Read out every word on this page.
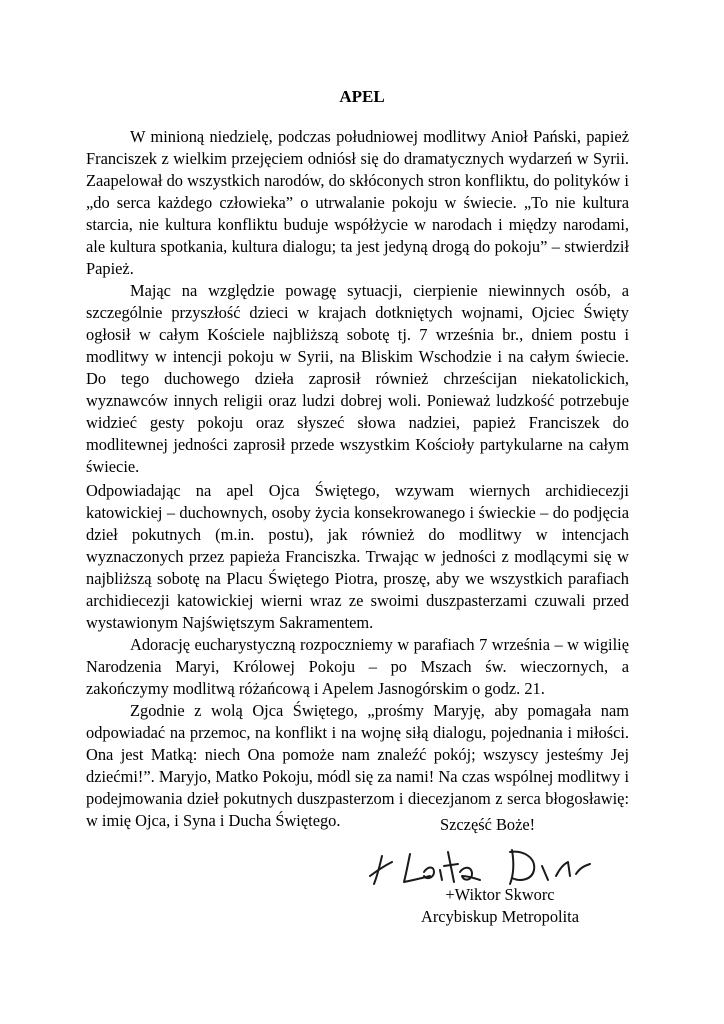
APEL

W minioną niedzielę, podczas południowej modlitwy Anioł Pański, papież Franciszek z wielkim przejęciem odniósł się do dramatycznych wydarzeń w Syrii. Zaapelował do wszystkich narodów, do skłóconych stron konfliktu, do polityków i „do serca każdego człowieka” o utrwalanie pokoju w świecie. „To nie kultura starcia, nie kultura konfliktu buduje współżycie w narodach i między narodami, ale kultura spotkania, kultura dialogu; ta jest jedyną drogą do pokoju” – stwierdził Papież.

Mając na względzie powagę sytuacji, cierpienie niewinnych osób, a szczególnie przyszłość dzieci w krajach dotkniętych wojnami, Ojciec Święty ogłosił w całym Kościele najbliższą sobotę tj. 7 września br., dniem postu i modlitwy w intencji pokoju w Syrii, na Bliskim Wschodzie i na całym świecie. Do tego duchowego dzieła zaprosił również chrześcijan niekatolickich, wyznawców innych religii oraz ludzi dobrej woli. Ponieważ ludzkość potrzebuje widzieć gesty pokoju oraz słyszeć słowa nadziei, papież Franciszek do modlitewnej jedności zaprosił przede wszystkim Kościoły partykularne na całym świecie.

Odpowiadając na apel Ojca Świętego, wzywam wiernych archidiecezji katowickiej – duchownych, osoby życia konsekrowanego i świeckie – do podjęcia dzieł pokutnych (m.in. postu), jak również do modlitwy w intencjach wyznaczonych przez papieża Franciszka. Trwając w jedności z modlącymi się w najbliższą sobotę na Placu Świętego Piotra, proszę, aby we wszystkich parafiach archidiecezji katowickiej wierni wraz ze swoimi duszpasterzami czuwali przed wystawionym Najświętszym Sakramentem.

Adorację eucharystyczną rozpoczniemy w parafiach 7 września – w wigilię Narodzenia Maryi, Królowej Pokoju – po Mszach św. wieczornych, a zakończymy modlitwą różańcową i Apelem Jasnogórskim o godz. 21.

Zgodnie z wolą Ojca Świętego, „prośmy Maryję, aby pomagała nam odpowiadać na przemoc, na konflikt i na wojnę siłą dialogu, pojednania i miłości. Ona jest Matką: niech Ona pomoże nam znaleźć pokój; wszyscy jesteśmy Jej dziećmi!”. Maryjo, Matko Pokoju, módl się za nami! Na czas wspólnej modlitwy i podejmowania dzieł pokutnych duszpasterzom i diecezjanom z serca błogosławię: w imię Ojca, i Syna i Ducha Świętego.	Szczęść Boże!
+Wiktor Skworc
Arcybiskup Metropolita
